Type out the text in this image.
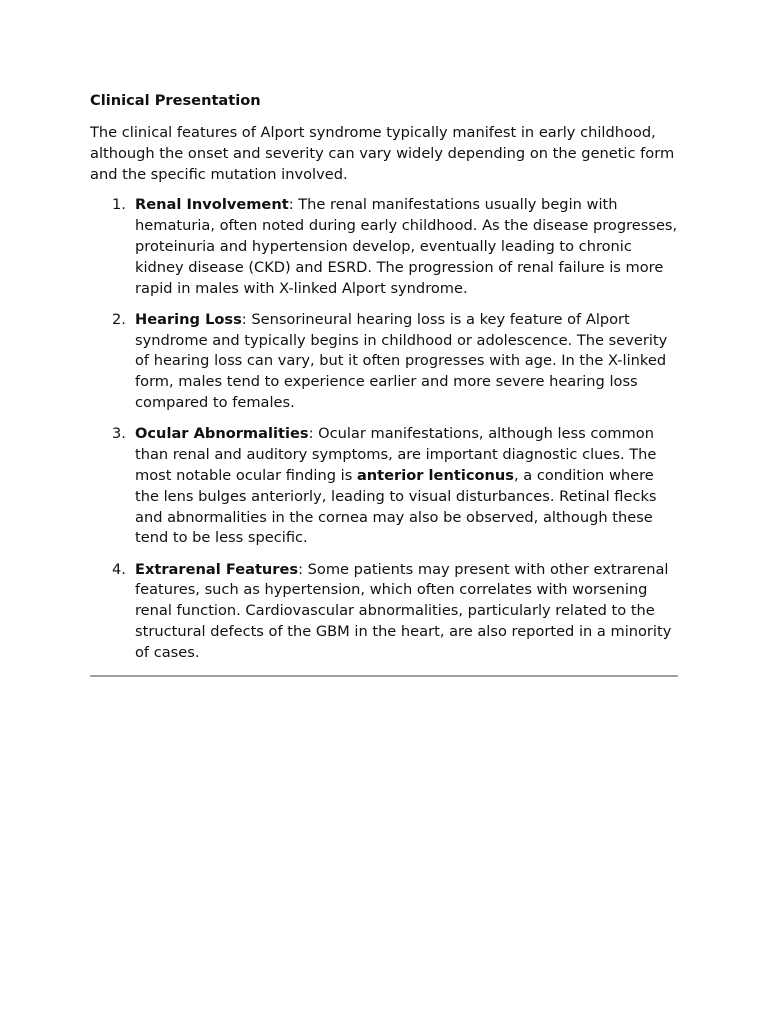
Clinical Presentation
The clinical features of Alport syndrome typically manifest in early childhood, although the onset and severity can vary widely depending on the genetic form and the specific mutation involved.
1. Renal Involvement: The renal manifestations usually begin with hematuria, often noted during early childhood. As the disease progresses, proteinuria and hypertension develop, eventually leading to chronic kidney disease (CKD) and ESRD. The progression of renal failure is more rapid in males with X-linked Alport syndrome.
2. Hearing Loss: Sensorineural hearing loss is a key feature of Alport syndrome and typically begins in childhood or adolescence. The severity of hearing loss can vary, but it often progresses with age. In the X-linked form, males tend to experience earlier and more severe hearing loss compared to females.
3. Ocular Abnormalities: Ocular manifestations, although less common than renal and auditory symptoms, are important diagnostic clues. The most notable ocular finding is anterior lenticonus, a condition where the lens bulges anteriorly, leading to visual disturbances. Retinal flecks and abnormalities in the cornea may also be observed, although these tend to be less specific.
4. Extrarenal Features: Some patients may present with other extrarenal features, such as hypertension, which often correlates with worsening renal function. Cardiovascular abnormalities, particularly related to the structural defects of the GBM in the heart, are also reported in a minority of cases.
